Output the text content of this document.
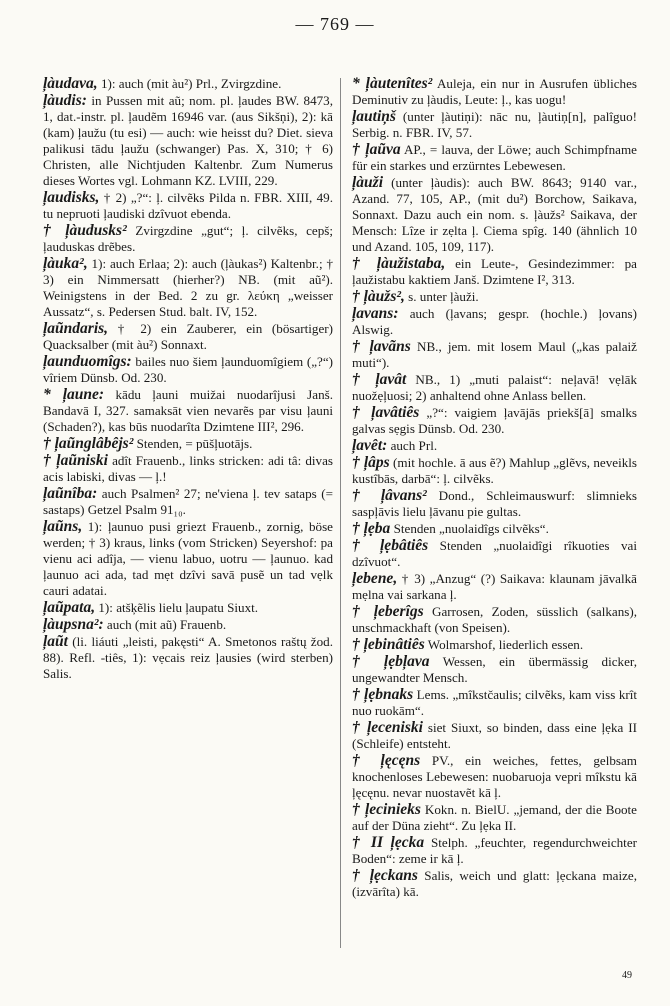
— 769 —

ļàudava, 1): auch (mit àu²) Prl., Zvirgzdine.

ļàudis: in Pussen mit aũ; nom. pl. ļaudes BW. 8473, 1, dat.-instr. pl. ļaudẽm 16946 var. (aus Sikšņi), 2): kā (kam) ļaužu (tu esi) — auch: wie heisst du? Diet. sieva palikusi tādu ļaužu (schwanger) Pas. X, 310; † 6) Christen, alle Nichtjuden Kaltenbr. Zum Numerus dieses Wortes vgl. Lohmann KZ. LVIII, 229.

ļaudisks, † 2) „?“: ļ. cilvẽks Pilda n. FBR. XIII, 49. tu nepruoti ļaudiski dzîvuot ebenda.

† ļàudusks² Zvirgzdine „gut“; ļ. cilvẽks, cepš; ļauduskas drẽbes.

ļàuka², 1): auch Erlaa; 2): auch (ļàukas²) Kaltenbr.; † 3) ein Nimmersatt (hierher?) NB. (mit aũ²). Weinigstens in der Bed. 2 zu gr. λεύκη „weisser Aussatz“, s. Pedersen Stud. balt. IV, 152.

ļaũndaris, † 2) ein Zauberer, ein (bösartiger) Quacksalber (mit àu²) Sonnaxt.

ļaunduomîgs: bailes nuo šiem ļaunduomîgiem („?“) vîriem Dünsb. Od. 230.

* ļaune: kādu ļauni muižai nuodarîjusi Janš. Bandavā I, 327. samaksāt vien nevarẽs par visu ļauni (Schaden?), kas būs nuodarîta Dzimtene III², 296.

† ļaũnglâbêjs² Stenden, = pūšļuotājs.

† ļaũniski adît Frauenb., links stricken: adi tâ: divas acis labiski, divas — ļ.!

ļaũnîba: auch Psalmen² 27; ne'viena ļ. tev sataps (= sastaps) Getzel Psalm 91₁₀.

ļaũns, 1): ļaunuo pusi griezt Frauenb., zornig, böse werden; † 3) kraus, links (vom Stricken) Seyershof: pa vienu aci adîja, — vienu labuo, uotru — ļaunuo. kad ļaunuo aci ada, tad mẹt dzîvi savā pusẽ un tad vẹlk cauri adatai.

ļaũpata, 1): atšķẽlis lielu ļaupatu Siuxt.

ļàupsna²: auch (mit aũ) Frauenb.

ļaũt (li. liáuti „leisti, pakęsti“ A. Smetonos raštų žod. 88). Refl. -tiês, 1): vẹcais reiz ļausies (wird sterben) Salis.

* ļàutenîtes² Auleja, ein nur in Ausrufen übliches Deminutiv zu ļàudis, Leute: ļ., kas uogu!

ļautiņš (unter ļàutiņi): nāc nu, ļàutiņ[n], palîguo! Serbig. n. FBR. IV, 57.

† ļaũva AP., = lauva, der Löwe; auch Schimpfname für ein starkes und erzürntes Lebewesen.

ļàuži (unter ļàudis): auch BW. 8643; 9140 var., Azand. 77, 105, AP., (mit du²) Borchow, Saikava, Sonnaxt. Dazu auch ein nom. s. ļàužs² Saikava, der Mensch: Lîze ir zẹlta ļ. Ciema spîg. 140 (ähnlich 10 und Azand. 105, 109, 117).

† ļàužistaba, ein Leute-, Gesindezimmer: pa ļaužistabu kaktiem Janš. Dzimtene I², 313.

† ļàužs², s. unter ļàuži.

ļavans: auch (ļavans; gespr. (hochle.) ļovans) Alswig.

† ļavãns NB., jem. mit losem Maul („kas palaiž muti“).

† ļavât NB., 1) „muti palaist“: neļavā! vẹlāk nuožẹļuosi; 2) anhaltend ohne Anlass bellen.

† ļavâtiês „?“: vaigiem ļavājās priekš[ā] smalks galvas sẹgis Dünsb. Od. 230.

ļavêt: auch Prl.

† ļâps (mit hochle. ā aus ẽ?) Mahlup „glẽvs, neveikls kustîbās, darbā“: ļ. cilvẽks.

† ļâvans² Dond., Schleimauswurf: slimnieks saspļāvis lielu ļāvanu pie gultas.

† ļẹba Stenden „nuolaidîgs cilvẽks“.

† ļẹbâtiês Stenden „nuolaidîgi rîkuoties vai dzîvuot“.

ļebene, † 3) „Anzug“ (?) Saikava: klaunam jāvalkā mẹlna vai sarkana ļ.

† ļeberîgs Garrosen, Zoden, süsslich (salkans), unschmackhaft (von Speisen).

† ļebinâtiês Wolmarshof, liederlich essen.

† ļẹbļava Wessen, ein übermässig dicker, ungewandter Mensch.

† ļẹbnaks Lems. „mîkstčaulis; cilvẽks, kam viss krît nuo ruokām“.

† ļeceniski siet Siuxt, so binden, dass eine ļẹka II (Schleife) entsteht.

† ļęcęns PV., ein weiches, fettes, gelbsam knochenloses Lebewesen: nuobaruoja vepri mîkstu kā ļęcęnu. nevar nuostavẽt kā ļ.

† ļecinieks Kokn. n. BielU. „jemand, der die Boote auf der Düna zieht“. Zu ļẹka II.

† II ļẹcka Stelph. „feuchter, regendurchweichter Boden“: zeme ir kā ļ.

† ļẹckans Salis, weich und glatt: ļẹckana maize, (izvārîta) kā.

49
